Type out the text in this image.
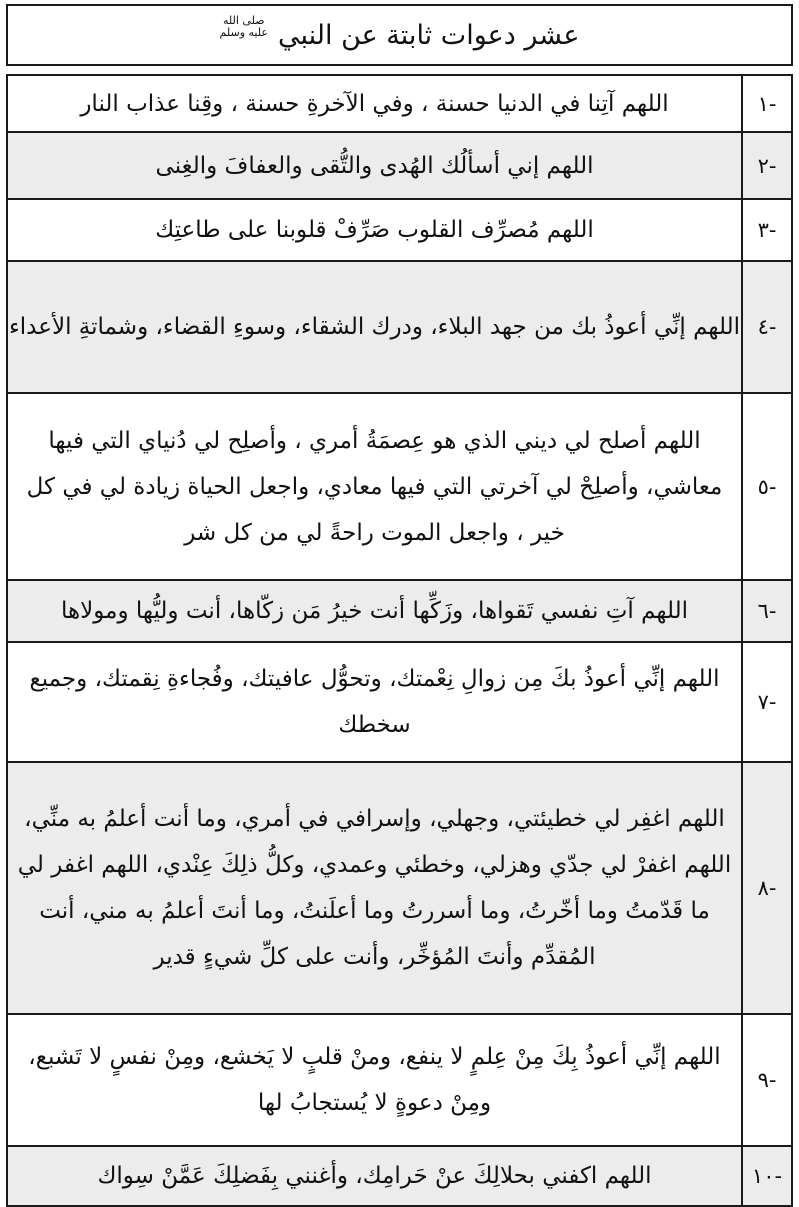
عشر دعوات ثابتة عن النبي
صلى الله
عليه وسلم	

-١	اللهم آتِنا في الدنيا حسنة ، وفي الآخرةِ حسنة ، وقِنا عذاب النار
-٢	اللهم إني أسألُك الهُدى والتُّقى والعفافَ والغِنى
-٣	اللهم مُصرِّف القلوب صَرِّفْ قلوبنا على طاعتِك
-٤	اللهم إنِّي أعوذُ بك من جهد البلاء، ودرك الشقاء، وسوءِ القضاء، وشماتةِ الأعداء
-٥	اللهم أصلح لي ديني الذي هو عِصمَةُ أمري ، وأصلِح لي دُنياي التي فيها معاشي، وأصلِحْ لي آخرتي التي فيها معادي، واجعل الحياة زيادة لي في كل خير ، واجعل الموت راحةً لي من كل شر
-٦	اللهم آتِ نفسي تَقواها، وزَكِّها أنت خيرُ مَن زكّاها، أنت وليُّها ومولاها
-٧	اللهم إنِّي أعوذُ بكَ مِن زوالِ نِعْمتك، وتحوُّل عافيتك، وفُجاءةِ نِقمتك، وجميع سخطك
-٨	اللهم اغفِر لي خطيئتي، وجهلي، وإسرافي في أمري، وما أنت أعلمُ به منِّي، اللهم اغفرْ لي جدّي وهزلي، وخطئي وعمدي، وكلُّ ذلِكَ عِنْدي، اللهم اغفر لي ما قَدّمتُ وما أخّرتُ، وما أسررتُ وما أعلَنتُ، وما أنتَ أعلمُ به مني، أنت المُقدِّم وأنتَ المُؤخِّر، وأنت على كلِّ شيءٍ قدير
-٩	اللهم إنِّي أعوذُ بِكَ مِنْ عِلمٍ لا ينفع، ومنْ قلبٍ لا يَخشع، ومِنْ نفسٍ لا تَشبع، ومِنْ دعوةٍ لا يُستجابُ لها
-١٠	اللهم اكفني بحلالِكَ عنْ حَرامِك، وأغنني بِفَضلِكَ عَمَّنْ سِواك
